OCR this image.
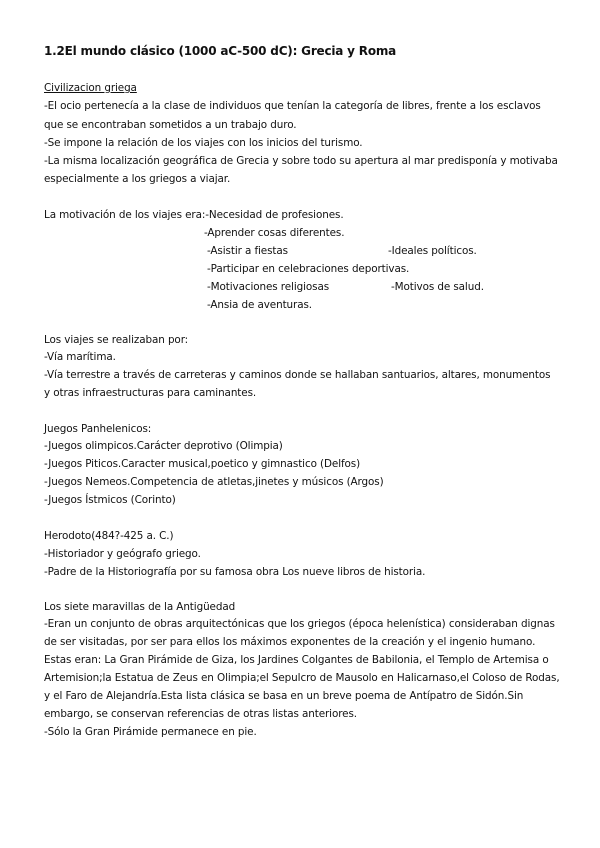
1.2El mundo clásico (1000 aC-500 dC): Grecia y Roma
Civilizacion griega
-El ocio pertenecía a la clase de individuos que tenían la categoría de libres, frente a los esclavos
que se encontraban sometidos a un trabajo duro.
-Se impone la relación de los viajes con los inicios del turismo.
-La misma localización geográfica de Grecia y sobre todo su apertura al mar predisponía y motivaba
especialmente a los griegos a viajar.
La motivación de los viajes era:-Necesidad de profesiones.
-Aprender cosas diferentes.
-Asistir a fiestas	-Ideales políticos.
-Participar en celebraciones deportivas.
-Motivaciones religiosas	-Motivos de salud.
-Ansia de aventuras.
Los viajes se realizaban por:
-Vía marítima.
-Vía terrestre a través de carreteras y caminos donde se hallaban santuarios, altares, monumentos
y otras infraestructuras para caminantes.
Juegos Panhelenicos:
-Juegos olimpicos.Carácter deprotivo (Olimpia)
-Juegos Piticos.Caracter musical,poetico y gimnastico (Delfos)
-Juegos Nemeos.Competencia de atletas,jinetes y músicos (Argos)
-Juegos Ístmicos (Corinto)
Herodoto(484?-425 a. C.)
-Historiador y geógrafo griego.
-Padre de la Historiografía por su famosa obra Los nueve libros de historia.
Los siete maravillas de la Antigüedad
-Eran un conjunto de obras arquitectónicas que los griegos (época helenística) consideraban dignas
de ser visitadas, por ser para ellos los máximos exponentes de la creación y el ingenio humano.
Estas eran: La Gran Pirámide de Giza, los Jardines Colgantes de Babilonia, el Templo de Artemisa o
Artemision;la Estatua de Zeus en Olimpia;el Sepulcro de Mausolo en Halicarnaso,el Coloso de Rodas,
y el Faro de Alejandría.Esta lista clásica se basa en un breve poema de Antípatro de Sidón.Sin
embargo, se conservan referencias de otras listas anteriores.
-Sólo la Gran Pirámide permanece en pie.
